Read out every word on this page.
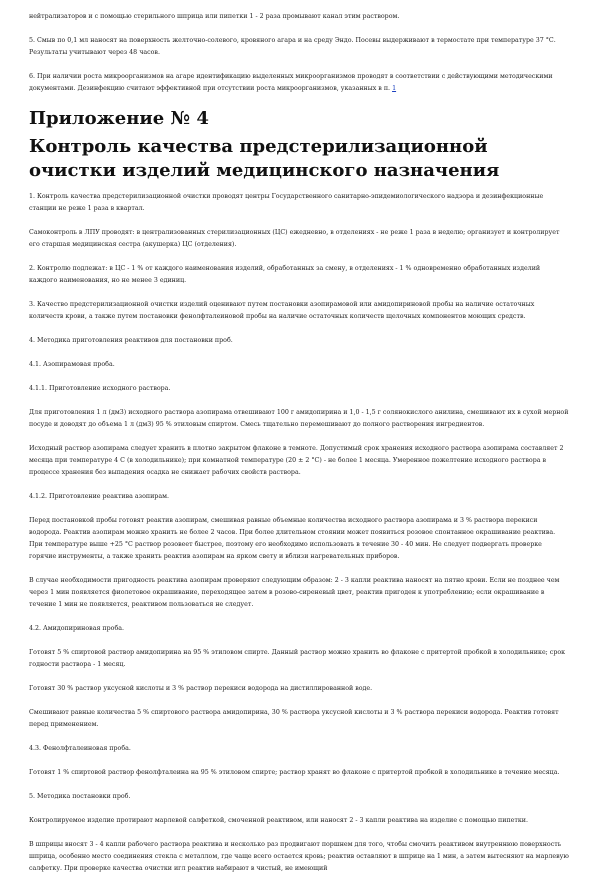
нейтрализаторов и с помощью стерильного шприца или пипетки 1 - 2 раза промывают канал этим раствором.

5. Смыв по 0,1 мл наносят на поверхность желточно-солевого, кровяного агара и на среду Эндо. Посевы выдерживают в термостате при температуре 37 °С. Результаты учитывают через 48 часов.

6. При наличии роста микроорганизмов на агаре идентификацию выделенных микроорганизмов проводят в соответствии с действующими методическими документами. Дезинфекцию считают эффективной при отсутствии роста микроорганизмов, указанных в п. 1

Приложение № 4
Контроль качества предстерилизационной очистки изделий медицинского назначения

1. Контроль качества предстерилизационной очистки проводят центры Государственного санитарно-эпидемиологического надзора и дезинфекционные станции не реже 1 раза в квартал.

Самоконтроль в ЛПУ проводят: в централизованных стерилизационных (ЦС) ежедневно, в отделениях - не реже 1 раза в неделю; организует и контролирует его старшая медицинская сестра (акушерка) ЦС (отделения).

2. Контролю подлежат: в ЦС - 1 % от каждого наименования изделий, обработанных за смену, в отделениях - 1 % одновременно обработанных изделий каждого наименования, но не менее 3 единиц.

3. Качество предстерилизационной очистки изделий оценивают путем постановки азопирамовой или амидопириновой пробы на наличие остаточных количеств крови, а также путем постановки фенолфталеиновой пробы на наличие остаточных количеств щелочных компонентов моющих средств.

4. Методика приготовления реактивов для постановки проб.

4.1. Азопирамовая проба.

4.1.1. Приготовление исходного раствора.

Для приготовления 1 л (дм3) исходного раствора азопирама отвешивают 100 г амидопирина и 1,0 - 1,5 г солянокислого анилина, смешивают их в сухой мерной посуде и доводят до объема 1 л (дм3) 95 % этиловым спиртом. Смесь тщательно перемешивают до полного растворения ингредиентов.

Исходный раствор азопирама следует хранить в плотно закрытом флаконе в темноте. Допустимый срок хранения исходного раствора азопирама составляет 2 месяца при температуре 4 С (в холодильнике); при комнатной температуре (20 ± 2 °С) - не более 1 месяца. Умеренное пожелтение исходного раствора в процессе хранения без выпадения осадка не снижает рабочих свойств раствора.

4.1.2. Приготовление реактива азопирам.

Перед постановкой пробы готовят реактив азопирам, смешивая равные объемные количества исходного раствора азопирама и 3 % раствора перекиси водорода. Реактив азопирам можно хранить не более 2 часов. При более длительном стоянии может появиться розовое спонтанное окрашивание реактива. При температуре выше +25 °С раствор розовеет быстрее, поэтому его необходимо использовать в течение 30 - 40 мин. Не следует подвергать проверке горячие инструменты, а также хранить реактив азопирам на ярком свету и вблизи нагревательных приборов.

В случае необходимости пригодность реактива азопирам проверяют следующим образом: 2 - 3 капли реактива наносят на пятно крови. Если не позднее чем через 1 мин появляется фиолетовое окрашивание, переходящее затем в розово-сиреневый цвет, реактив пригоден к употреблению; если окрашивание в течение 1 мин не появляется, реактивом пользоваться не следует.

4.2. Амидопириновая проба.

Готовят 5 % спиртовой раствор амидопирина на 95 % этиловом спирте. Данный раствор можно хранить во флаконе с притертой пробкой в холодильнике; срок годности раствора - 1 месяц.

Готовят 30 % раствор уксусной кислоты и 3 % раствор перекиси водорода на дистиллированной воде.

Смешивают равные количества 5 % спиртового раствора амидопирина, 30 % раствора уксусной кислоты и 3 % раствора перекиси водорода. Реактив готовят перед применением.

4.3. Фенолфталеиновая проба.

Готовят 1 % спиртовой раствор фенолфталеина на 95 % этиловом спирте; раствор хранят во флаконе с притертой пробкой в холодильнике в течение месяца.

5. Методика постановки проб.

Контролируемое изделие протирают марлевой салфеткой, смоченной реактивом, или наносят 2 - 3 капли реактива на изделие с помощью пипетки.

В шприцы вносят 3 - 4 капли рабочего раствора реактива и несколько раз продвигают поршнем для того, чтобы смочить реактивом внутреннюю поверхность шприца, особенно место соединения стекла с металлом, где чаще всего остается кровь; реактив оставляют в шприце на 1 мин, а затем вытесняют на марлевую салфетку. При проверке качества очистки игл реактив набирают в чистый, не имеющий
